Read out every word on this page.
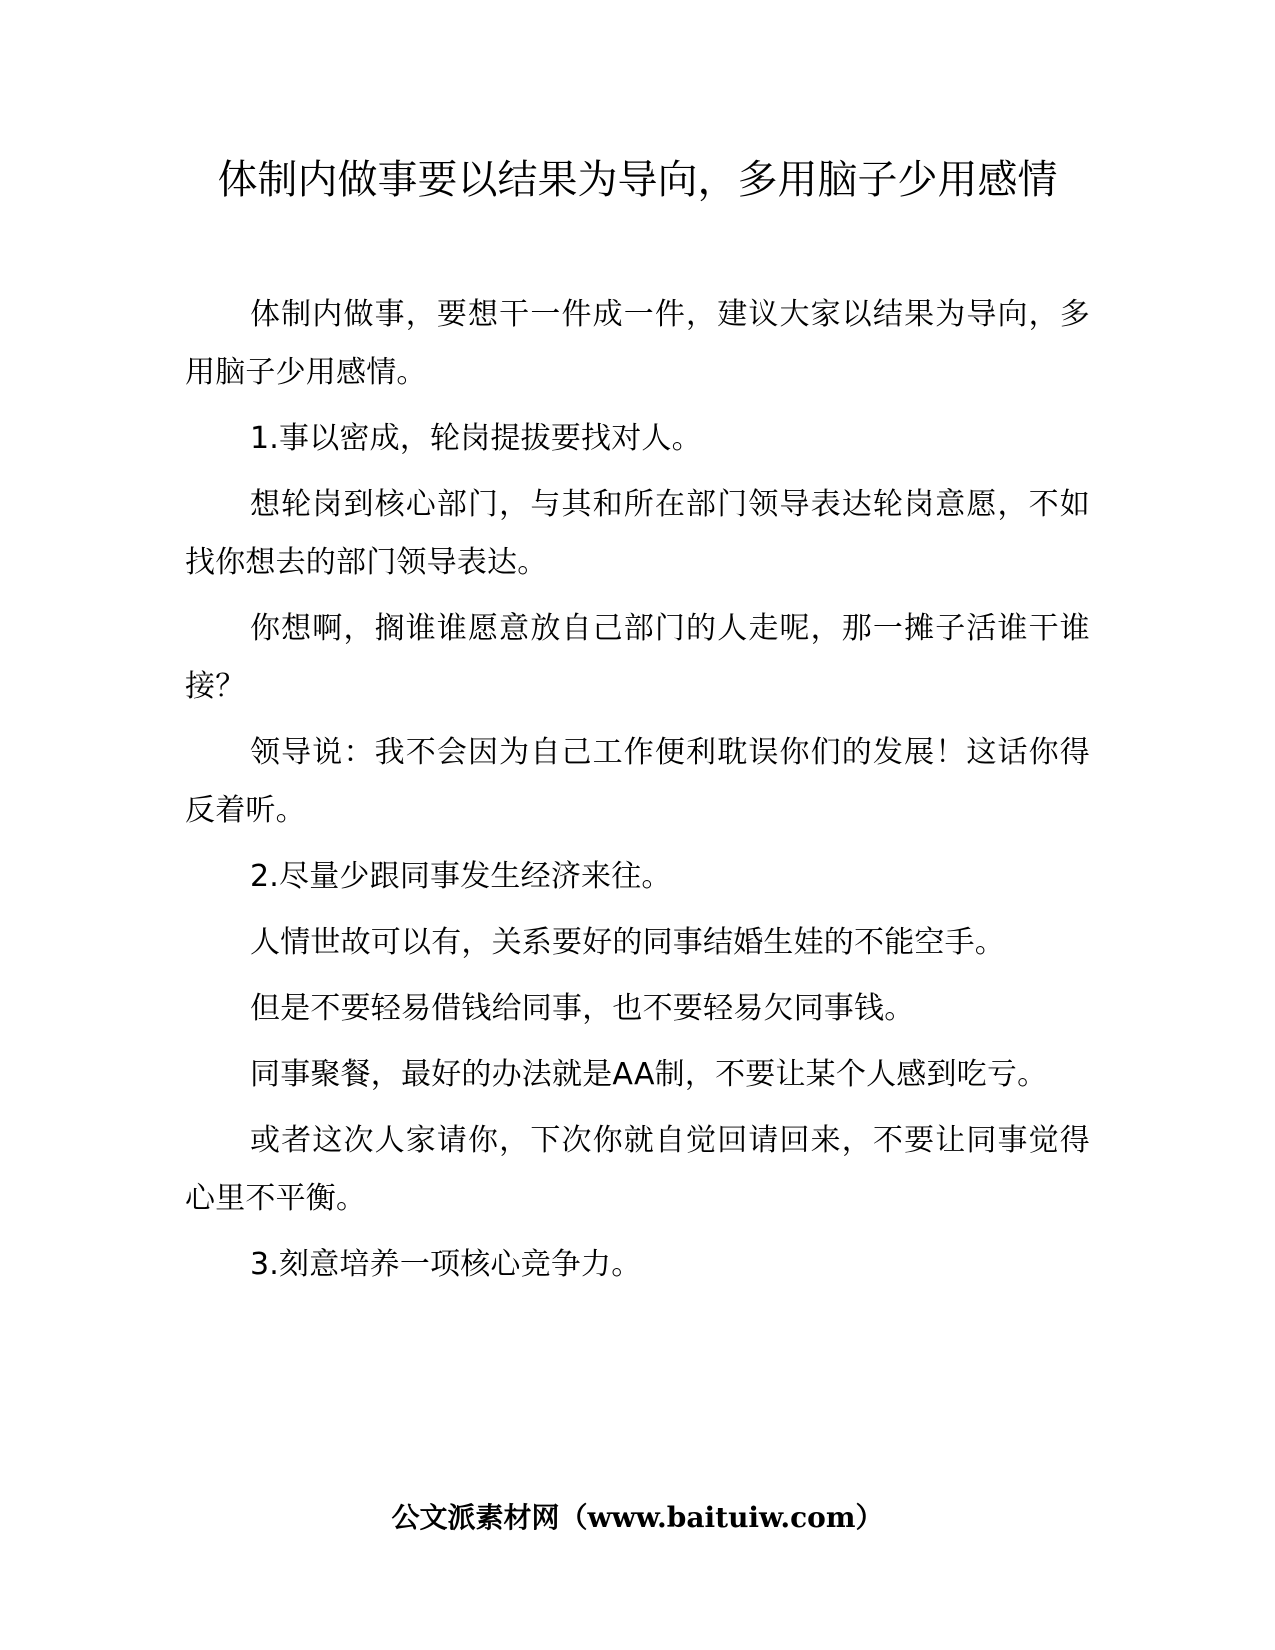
体制内做事要以结果为导向，多用脑子少用感情

体制内做事，要想干一件成一件，建议大家以结果为导向，多用脑子少用感情。

1.事以密成，轮岗提拔要找对人。

想轮岗到核心部门，与其和所在部门领导表达轮岗意愿，不如找你想去的部门领导表达。

你想啊，搁谁谁愿意放自己部门的人走呢，那一摊子活谁干谁接？

领导说：我不会因为自己工作便利耽误你们的发展！这话你得反着听。

2.尽量少跟同事发生经济来往。

人情世故可以有，关系要好的同事结婚生娃的不能空手。

但是不要轻易借钱给同事，也不要轻易欠同事钱。

同事聚餐，最好的办法就是AA制，不要让某个人感到吃亏。

或者这次人家请你，下次你就自觉回请回来，不要让同事觉得心里不平衡。

3.刻意培养一项核心竞争力。

公文派素材网（www.baituiw.com）
